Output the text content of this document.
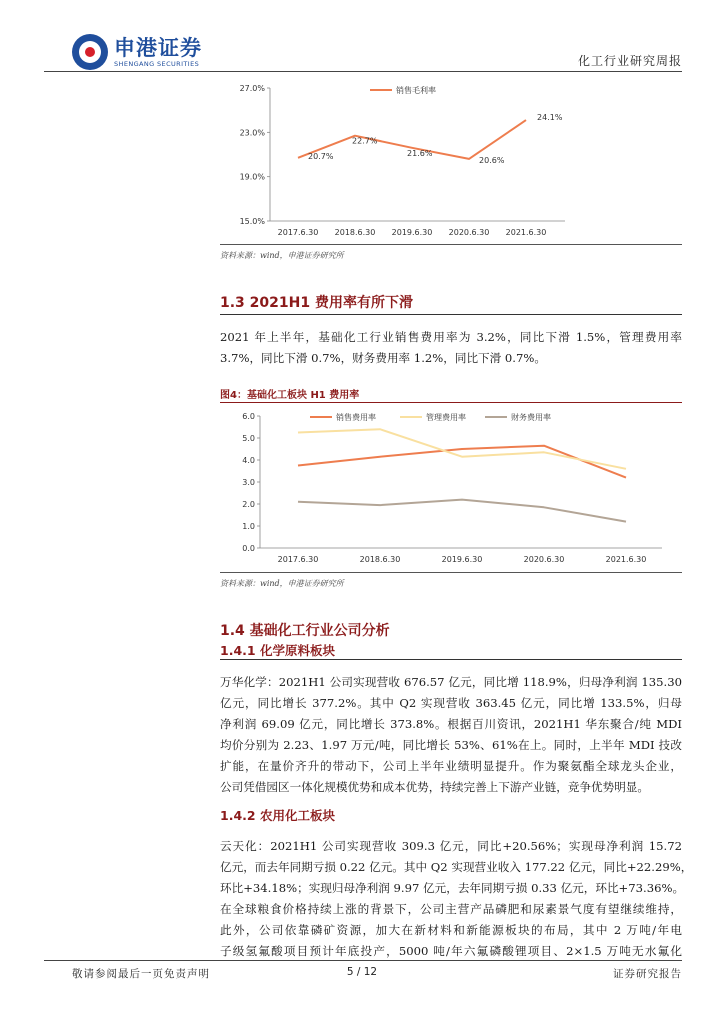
申港证券
SHENGANG SECURITIES	化工行业研究周报
27.0%
23.0%
19.0%
15.0%
2017.6.30 2018.6.30 2019.6.30 2020.6.30 2021.6.30
销售毛利率
20.7%
22.7%
21.6%
20.6%
24.1%
资料来源：wind，申港证券研究所
1.3 2021H1 费用率有所下滑
2021 年上半年，基础化工行业销售费用率为 3.2%，同比下滑 1.5%，管理费用率
3.7%，同比下滑 0.7%，财务费用率 1.2%，同比下滑 0.7%。
图4：基础化工板块 H1 费用率
6.0
5.0
4.0
3.0
2.0
1.0
0.0
2017.6.30	2018.6.30	2019.6.30	2020.6.30	2021.6.30
销售费用率	管理费用率	财务费用率
资料来源：wind，申港证券研究所
1.4 基础化工行业公司分析
1.4.1 化学原料板块
万华化学：2021H1 公司实现营收 676.57 亿元，同比增 118.9%，归母净利润 135.30
亿元，同比增长 377.2%。其中 Q2 实现营收 363.45 亿元，同比增 133.5%，归母
净利润 69.09 亿元，同比增长 373.8%。根据百川资讯，2021H1 华东聚合/纯 MDI
均价分别为 2.23、1.97 万元/吨，同比增长 53%、61%在上。同时，上半年 MDI 技改
扩能，在量价齐升的带动下，公司上半年业绩明显提升。作为聚氨酯全球龙头企业，
公司凭借园区一体化规模优势和成本优势，持续完善上下游产业链，竞争优势明显。
1.4.2 农用化工板块
云天化：2021H1 公司实现营收 309.3 亿元，同比+20.56%；实现母净利润 15.72
亿元，而去年同期亏损 0.22 亿元。其中 Q2 实现营业收入 177.22 亿元，同比+22.29%，
环比+34.18%；实现归母净利润 9.97 亿元，去年同期亏损 0.33 亿元，环比+73.36%。
在全球粮食价格持续上涨的背景下，公司主营产品磷肥和尿素景气度有望继续维持，
此外，公司依靠磷矿资源，加大在新材料和新能源板块的布局，其中 2 万吨/年电
子级氢氟酸项目预计年底投产，5000 吨/年六氟磷酸锂项目、2×1.5 万吨无水氟化
敬请参阅最后一页免责声明	5 / 12	证券研究报告
